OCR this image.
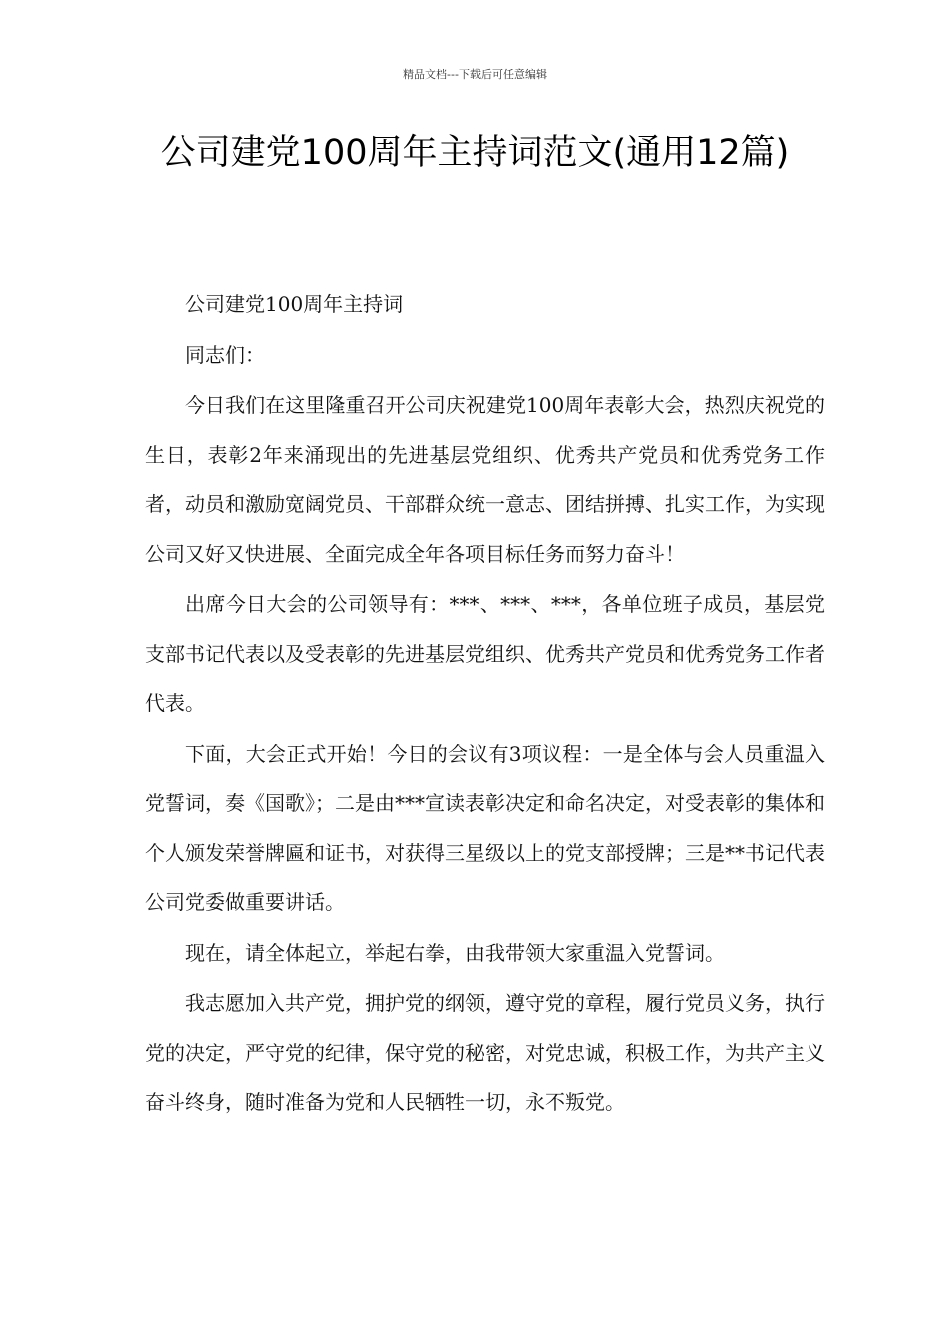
精品文档---下载后可任意编辑
公司建党100周年主持词范文(通用12篇)

公司建党100周年主持词

同志们：

今日我们在这里隆重召开公司庆祝建党100周年表彰大会，热烈庆祝党的生日，表彰2年来涌现出的先进基层党组织、优秀共产党员和优秀党务工作者，动员和激励宽阔党员、干部群众统一意志、团结拼搏、扎实工作，为实现公司又好又快进展、全面完成全年各项目标任务而努力奋斗！

出席今日大会的公司领导有：***、***、***，各单位班子成员，基层党支部书记代表以及受表彰的先进基层党组织、优秀共产党员和优秀党务工作者代表。

下面，大会正式开始！今日的会议有3项议程：一是全体与会人员重温入党誓词，奏《国歌》；二是由***宣读表彰决定和命名决定，对受表彰的集体和个人颁发荣誉牌匾和证书，对获得三星级以上的党支部授牌；三是**书记代表公司党委做重要讲话。

现在，请全体起立，举起右拳，由我带领大家重温入党誓词。

我志愿加入共产党，拥护党的纲领，遵守党的章程，履行党员义务，执行党的决定，严守党的纪律，保守党的秘密，对党忠诚，积极工作，为共产主义奋斗终身，随时准备为党和人民牺牲一切，永不叛党。
